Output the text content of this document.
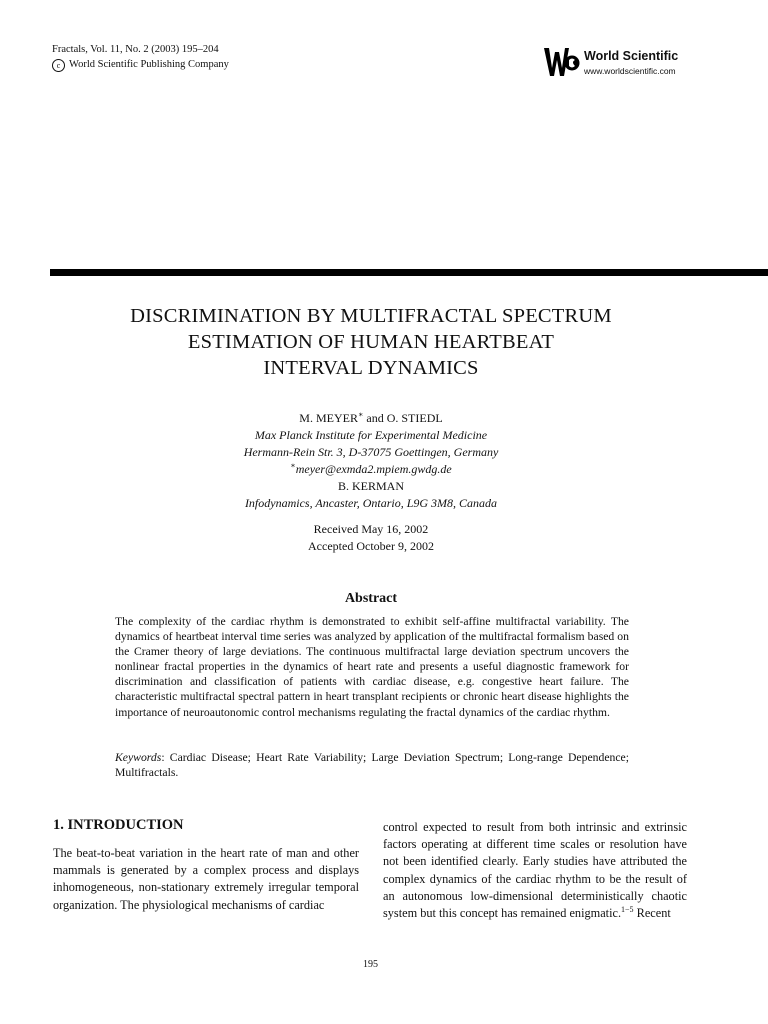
Fractals, Vol. 11, No. 2 (2003) 195–204
c World Scientific Publishing Company
World Scientific
www.worldscientific.com
DISCRIMINATION BY MULTIFRACTAL SPECTRUM
ESTIMATION OF HUMAN HEARTBEAT
INTERVAL DYNAMICS
M. MEYER∗ and O. STIEDL
Max Planck Institute for Experimental Medicine
Hermann-Rein Str. 3, D-37075 Goettingen, Germany
∗meyer@exmda2.mpiem.gwdg.de
B. KERMAN
Infodynamics, Ancaster, Ontario, L9G 3M8, Canada
Received May 16, 2002
Accepted October 9, 2002
Abstract
The complexity of the cardiac rhythm is demonstrated to exhibit self-affine multifractal variability. The dynamics of heartbeat interval time series was analyzed by application of the multifractal formalism based on the Cramer theory of large deviations. The continuous multifractal large deviation spectrum uncovers the nonlinear fractal properties in the dynamics of heart rate and presents a useful diagnostic framework for discrimination and classification of patients with cardiac disease, e.g. congestive heart failure. The characteristic multifractal spectral pattern in heart transplant recipients or chronic heart disease highlights the importance of neuroautonomic control mechanisms regulating the fractal dynamics of the cardiac rhythm.
Keywords: Cardiac Disease; Heart Rate Variability; Large Deviation Spectrum; Long-range Dependence; Multifractals.
1. INTRODUCTION
The beat-to-beat variation in the heart rate of man and other mammals is generated by a complex process and displays inhomogeneous, non-stationary extremely irregular temporal organization. The physiological mechanisms of cardiac
control expected to result from both intrinsic and extrinsic factors operating at different time scales or resolution have not been identified clearly. Early studies have attributed the complex dynamics of the cardiac rhythm to be the result of an autonomous low-dimensional deterministically chaotic system but this concept has remained enigmatic.$^{1-5}$ Recent
195
